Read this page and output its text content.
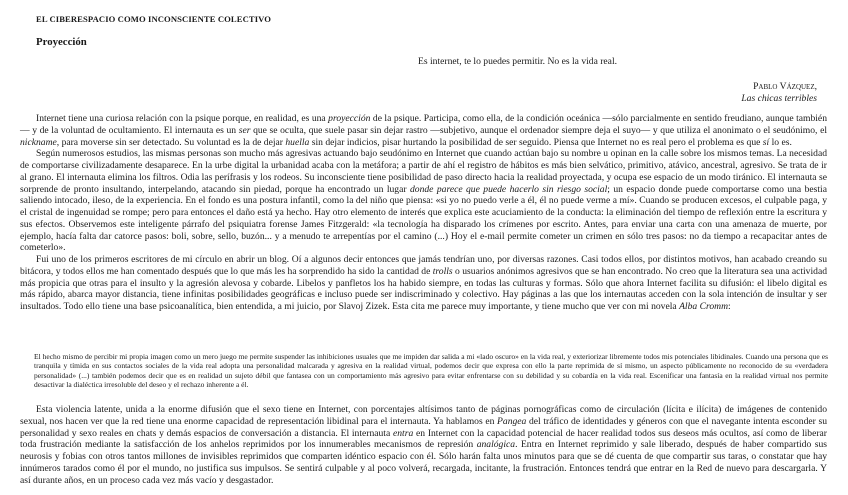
EL CIBERESPACIO COMO INCONSCIENTE COLECTIVO
Proyección
Es internet, te lo puedes permitir. No es la vida real.
Pablo Vázquez,
Las chicas terribles

Internet tiene una curiosa relación con la psique porque, en realidad, es una proyección de la psique. Participa, como ella, de la condición oceánica —sólo parcialmente en sentido freudiano, aunque también— y de la voluntad de ocultamiento. El internauta es un ser que se oculta, que suele pasar sin dejar rastro —subjetivo, aunque el ordenador siempre deja el suyo— y que utiliza el anonimato o el seudónimo, el nickname, para moverse sin ser detectado. Su voluntad es la de dejar huella sin dejar indicios, pisar hurtando la posibilidad de ser seguido. Piensa que Internet no es real pero el problema es que sí lo es.

Según numerosos estudios, las mismas personas son mucho más agresivas actuando bajo seudónimo en Internet que cuando actúan bajo su nombre u opinan en la calle sobre los mismos temas. La necesidad de comportarse civilizadamente desaparece. En la urbe digital la urbanidad acaba con la metáfora; a partir de ahí el registro de hábitos es más bien selvático, primitivo, atávico, ancestral, agresivo. Se trata de ir al grano. El internauta elimina los filtros. Odia las perífrasis y los rodeos. Su inconsciente tiene posibilidad de paso directo hacia la realidad proyectada, y ocupa ese espacio de un modo tiránico. El internauta se sorprende de pronto insultando, interpelando, atacando sin piedad, porque ha encontrado un lugar donde parece que puede hacerlo sin riesgo social; un espacio donde puede comportarse como una bestia saliendo intocado, ileso, de la experiencia. En el fondo es una postura infantil, como la del niño que piensa: «si yo no puedo verle a él, él no puede verme a mí». Cuando se producen excesos, el culpable paga, y el cristal de ingenuidad se rompe; pero para entonces el daño está ya hecho. Hay otro elemento de interés que explica este acuciamiento de la conducta: la eliminación del tiempo de reflexión entre la escritura y sus efectos. Observemos este inteligente párrafo del psiquiatra forense James Fitzgerald: «la tecnología ha disparado los crímenes por escrito. Antes, para enviar una carta con una amenaza de muerte, por ejemplo, hacía falta dar catorce pasos: boli, sobre, sello, buzón... y a menudo te arrepentías por el camino (...) Hoy el e-mail permite cometer un crimen en sólo tres pasos: no da tiempo a recapacitar antes de cometerlo».

Fui uno de los primeros escritores de mi círculo en abrir un blog. Oí a algunos decir entonces que jamás tendrían uno, por diversas razones. Casi todos ellos, por distintos motivos, han acabado creando su bitácora, y todos ellos me han comentado después que lo que más les ha sorprendido ha sido la cantidad de trolls o usuarios anónimos agresivos que se han encontrado. No creo que la literatura sea una actividad más propicia que otras para el insulto y la agresión alevosa y cobarde. Libelos y panfletos los ha habido siempre, en todas las culturas y formas. Sólo que ahora Internet facilita su difusión: el libelo digital es más rápido, abarca mayor distancia, tiene infinitas posibilidades geográficas e incluso puede ser indiscriminado y colectivo. Hay páginas a las que los internautas acceden con la sola intención de insultar y ser insultados. Todo ello tiene una base psicoanalítica, bien entendida, a mi juicio, por Slavoj Zizek. Esta cita me parece muy importante, y tiene mucho que ver con mi novela Alba Cromm:

El hecho mismo de percibir mi propia imagen como un mero juego me permite suspender las inhibiciones usuales que me impiden dar salida a mi «lado oscuro» en la vida real, y exteriorizar libremente todos mis potenciales libidinales. Cuando una persona que es tranquila y tímida en sus contactos sociales de la vida real adopta una personalidad malcarada y agresiva en la realidad virtual, podemos decir que expresa con ello la parte reprimida de sí mismo, un aspecto públicamente no reconocido de su «verdadera personalidad» (...) también podemos decir que es en realidad un sujeto débil que fantasea con un comportamiento más agresivo para evitar enfrentarse con su debilidad y su cobardía en la vida real. Escenificar una fantasía en la realidad virtual nos permite desactivar la dialéctica irresoluble del deseo y el rechazo inherente a él.

Esta violencia latente, unida a la enorme difusión que el sexo tiene en Internet, con porcentajes altísimos tanto de páginas pornográficas como de circulación (lícita e ilícita) de imágenes de contenido sexual, nos hacen ver que la red tiene una enorme capacidad de representación libidinal para el internauta. Ya hablamos en Pangea del tráfico de identidades y géneros con que el navegante intenta esconder su personalidad y sexo reales en chats y demás espacios de conversación a distancia. El internauta entra en Internet con la capacidad potencial de hacer realidad todos sus deseos más ocultos, así como de liberar toda frustración mediante la satisfacción de los anhelos reprimidos por los innumerables mecanismos de represión analógica. Entra en Internet reprimido y sale liberado, después de haber compartido sus neurosis y fobias con otros tantos millones de invisibles reprimidos que comparten idéntico espacio con él. Sólo harán falta unos minutos para que se dé cuenta de que compartir sus taras, o constatar que hay innúmeros tarados como él por el mundo, no justifica sus impulsos. Se sentirá culpable y al poco volverá, recargada, incitante, la frustración. Entonces tendrá que entrar en la Red de nuevo para descargarla. Y así durante años, en un proceso cada vez más vacío y desgastador.
